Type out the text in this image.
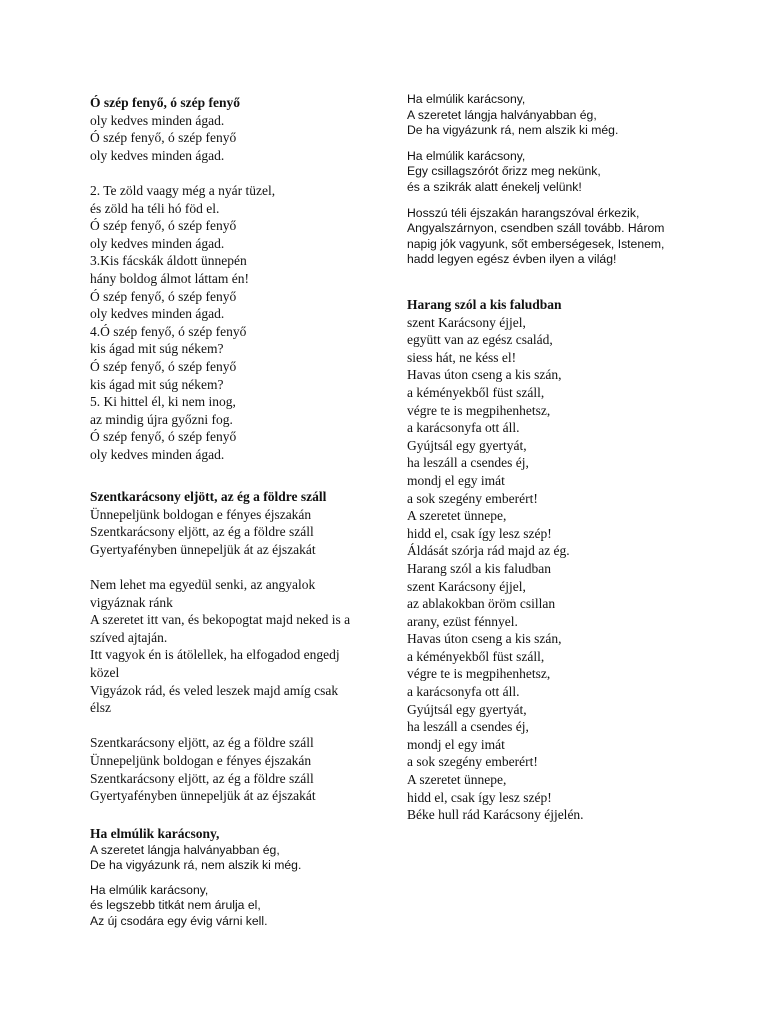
Ó szép fenyő, ó szép fenyő
oly kedves minden ágad.
Ó szép fenyő, ó szép fenyő
oly kedves minden ágad.

2. Te zöld vaagy még a nyár tüzel,
és zöld ha téli hó föd el.
Ó szép fenyő, ó szép fenyő
oly kedves minden ágad.
3.Kis fácskák áldott ünnepén
hány boldog álmot láttam én!
Ó szép fenyő, ó szép fenyő
oly kedves minden ágad.
4.Ó szép fenyő, ó szép fenyő
kis ágad mit súg nékem?
Ó szép fenyő, ó szép fenyő
kis ágad mit súg nékem?
5. Ki hittel él, ki nem inog,
az mindig újra győzni fog.
Ó szép fenyő, ó szép fenyő
oly kedves minden ágad.
Szentkarácsony eljött, az ég a földre száll
Ünnepeljünk boldogan e fényes éjszakán
Szentkarácsony eljött, az ég a földre száll
Gyertyafényben ünnepeljük át az éjszakát
Nem lehet ma egyedül senki, az angyalok vigyáznak ránk
A szeretet itt van, és bekopogtat majd neked is a szíved ajtaján.
Itt vagyok én is átölellek, ha elfogadod engedj közel
Vigyázok rád, és veled leszek majd amíg csak élsz
Szentkarácsony eljött, az ég a földre száll
Ünnepeljünk boldogan e fényes éjszakán
Szentkarácsony eljött, az ég a földre száll
Gyertyafényben ünnepeljük át az éjszakát
Ha elmúlik karácsony,
A szeretet lángja halványabban ég,
De ha vigyázunk rá, nem alszik ki még.
Ha elmúlik karácsony,
és legszebb titkát nem árulja el,
Az új csodára egy évig várni kell.
Ha elmúlik karácsony,
A szeretet lángja halványabban ég,
De ha vigyázunk rá, nem alszik ki még.
Ha elmúlik karácsony,
Egy csillagszórót őrizz meg nekünk,
és a szikrák alatt énekelj velünk!
Hosszú téli éjszakán harangszóval érkezik, Angyalszárnyon, csendben száll tovább. Három napig jók vagyunk, sőt emberségesek, Istenem, hadd legyen egész évben ilyen a világ!
Harang szól a kis faludban
szent Karácsony éjjel,
együtt van az egész család,
siess hát, ne késs el!
Havas úton cseng a kis szán,
a kéményekből füst száll,
végre te is megpihenhetsz,
a karácsonyfa ott áll.
Gyújtsál egy gyertyát,
ha leszáll a csendes éj,
mondj el egy imát
a sok szegény emberért!
A szeretet ünnepe,
hidd el, csak így lesz szép!
Áldását szórja rád majd az ég.
Harang szól a kis faludban
szent Karácsony éjjel,
az ablakokban öröm csillan
arany, ezüst fénnyel.
Havas úton cseng a kis szán,
a kéményekből füst száll,
végre te is megpihenhetsz,
a karácsonyfa ott áll.
Gyújtsál egy gyertyát,
ha leszáll a csendes éj,
mondj el egy imát
a sok szegény emberért!
A szeretet ünnepe,
hidd el, csak így lesz szép!
Béke hull rád Karácsony éjjelén.
